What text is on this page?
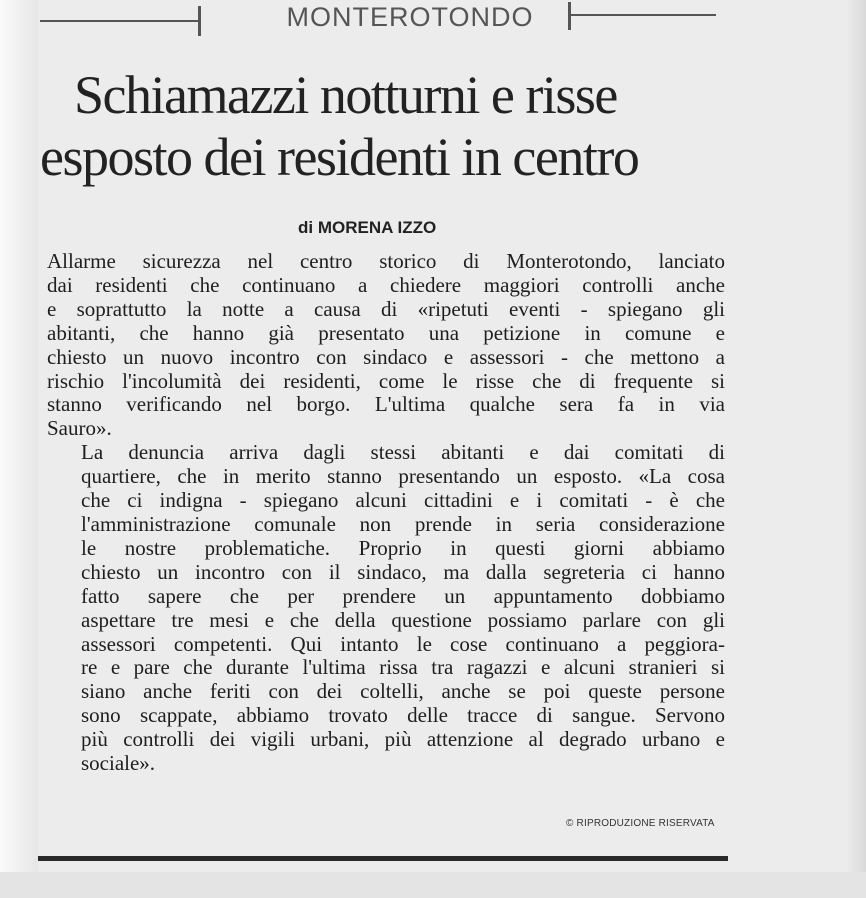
MONTEROTONDO
Schiamazzi notturni e risse
esposto dei residenti in centro
di MORENA IZZO

Allarme sicurezza nel centro storico di Monterotondo, lanciato
dai residenti che continuano a chiedere maggiori controlli anche
e soprattutto la notte a causa di «ripetuti eventi - spiegano gli
abitanti, che hanno già presentato una petizione in comune e
chiesto un nuovo incontro con sindaco e assessori - che mettono a
rischio l'incolumità dei residenti, come le risse che di frequente si
stanno verificando nel borgo. L'ultima qualche sera fa in via
Sauro».

La denuncia arriva dagli stessi abitanti e dai comitati di
quartiere, che in merito stanno presentando un esposto. «La cosa
che ci indigna - spiegano alcuni cittadini e i comitati - è che
l'amministrazione comunale non prende in seria considerazione
le nostre problematiche. Proprio in questi giorni abbiamo
chiesto un incontro con il sindaco, ma dalla segreteria ci hanno
fatto sapere che per prendere un appuntamento dobbiamo
aspettare tre mesi e che della questione possiamo parlare con gli
assessori competenti. Qui intanto le cose continuano a peggiora-
re e pare che durante l'ultima rissa tra ragazzi e alcuni stranieri si
siano anche feriti con dei coltelli, anche se poi queste persone
sono scappate, abbiamo trovato delle tracce di sangue. Servono
più controlli dei vigili urbani, più attenzione al degrado urbano e
sociale».

© RIPRODUZIONE RISERVATA
